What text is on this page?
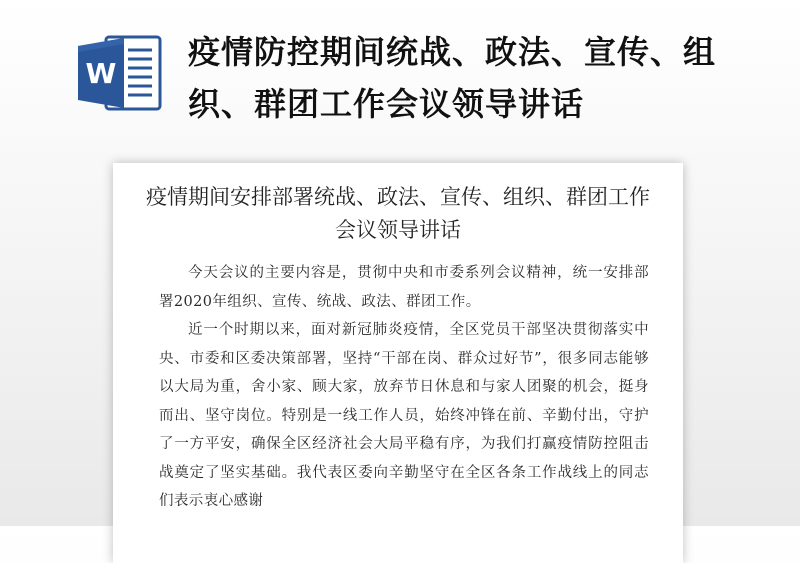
W
疫情防控期间统战、政法、宣传、组织、群团工作会议领导讲话
疫情期间安排部署统战、政法、宣传、组织、群团工作会议领导讲话

今天会议的主要内容是，贯彻中央和市委系列会议精神，统一安排部署2020年组织、宣传、统战、政法、群团工作。

近一个时期以来，面对新冠肺炎疫情，全区党员干部坚决贯彻落实中央、市委和区委决策部署，坚持“干部在岗、群众过好节”，很多同志能够以大局为重，舍小家、顾大家，放弃节日休息和与家人团聚的机会，挺身而出、坚守岗位。特别是一线工作人员，始终冲锋在前、辛勤付出，守护了一方平安，确保全区经济社会大局平稳有序，为我们打赢疫情防控阻击战奠定了坚实基础。我代表区委向辛勤坚守在全区各条工作战线上的同志们表示衷心感谢
